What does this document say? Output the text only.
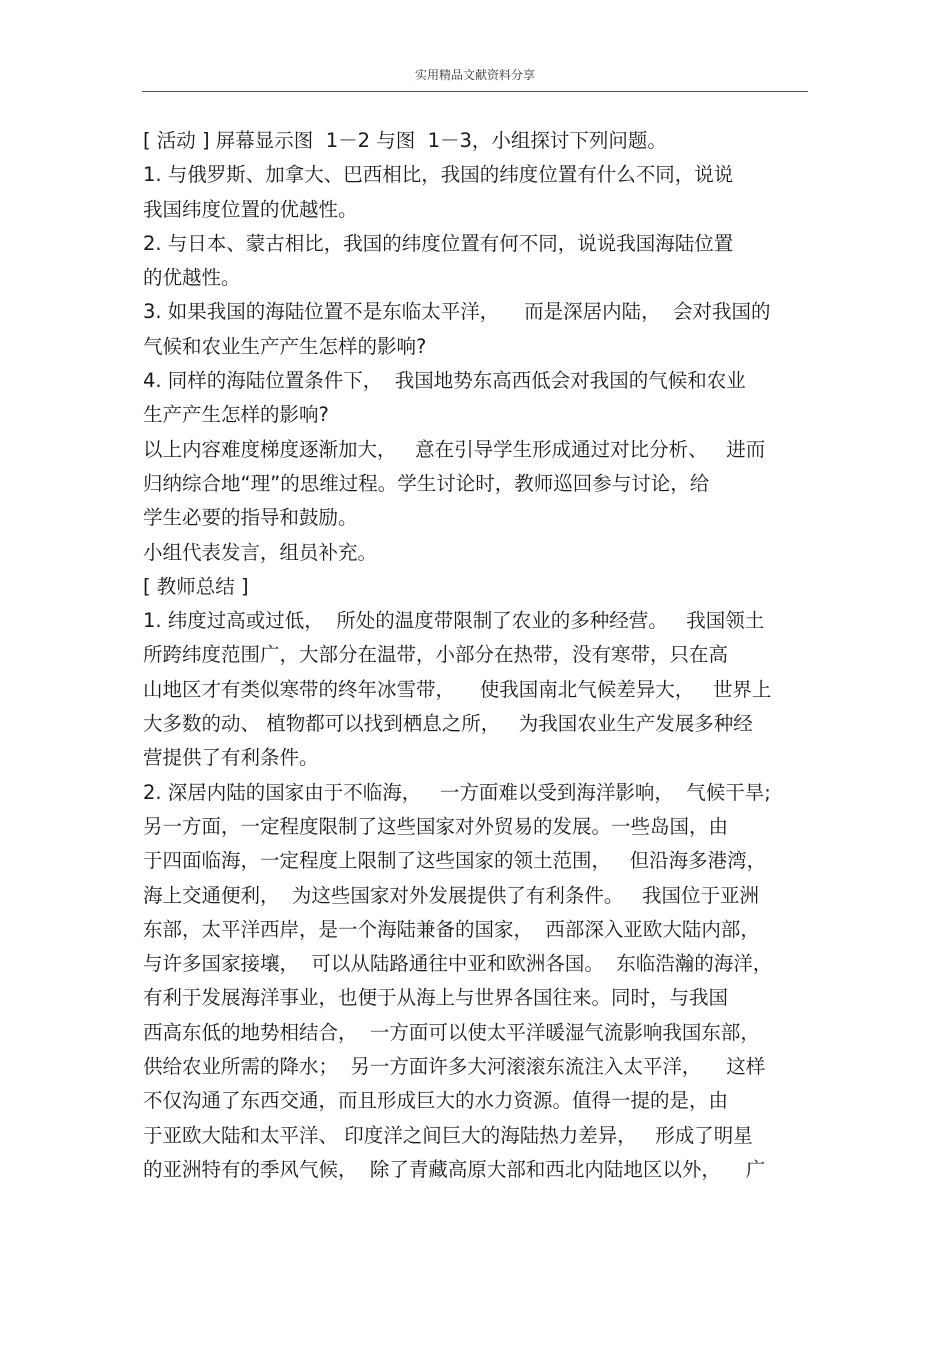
实用精品文献资料分享
[ 活动 ] 屏幕显示图  1－2 与图  1－3，小组探讨下列问题。
1. 与俄罗斯、加拿大、巴西相比，我国的纬度位置有什么不同，说说
我国纬度位置的优越性。
2. 与日本、蒙古相比，我国的纬度位置有何不同，说说我国海陆位置
的优越性。
3. 如果我国的海陆位置不是东临太平洋，    而是深居内陆，  会对我国的
气候和农业生产产生怎样的影响?
4. 同样的海陆位置条件下，  我国地势东高西低会对我国的气候和农业
生产产生怎样的影响?
以上内容难度梯度逐渐加大，   意在引导学生形成通过对比分析、   进而
归纳综合地“理”的思维过程。学生讨论时，教师巡回参与讨论，给
学生必要的指导和鼓励。
小组代表发言，组员补充。
[ 教师总结 ]
1. 纬度过高或过低，  所处的温度带限制了农业的多种经营。   我国领土
所跨纬度范围广，大部分在温带，小部分在热带，没有寒带，只在高
山地区才有类似寒带的终年冰雪带，    使我国南北气候差异大，   世界上
大多数的动、 植物都可以找到栖息之所，   为我国农业生产发展多种经
营提供了有利条件。
2. 深居内陆的国家由于不临海，   一方面难以受到海洋影响，  气候干旱;
另一方面，一定程度限制了这些国家对外贸易的发展。一些岛国，由
于四面临海，一定程度上限制了这些国家的领土范围，   但沿海多港湾，
海上交通便利，  为这些国家对外发展提供了有利条件。   我国位于亚洲
东部，太平洋西岸，是一个海陆兼备的国家，  西部深入亚欧大陆内部，
与许多国家接壤，  可以从陆路通往中亚和欧洲各国。  东临浩瀚的海洋，
有利于发展海洋事业，也便于从海上与世界各国往来。同时，与我国
西高东低的地势相结合，  一方面可以使太平洋暖湿气流影响我国东部，
供给农业所需的降水；  另一方面许多大河滚滚东流注入太平洋，    这样
不仅沟通了东西交通，而且形成巨大的水力资源。值得一提的是，由
于亚欧大陆和太平洋、 印度洋之间巨大的海陆热力差异，   形成了明星
的亚洲特有的季风气候，  除了青藏高原大部和西北内陆地区以外，    广
